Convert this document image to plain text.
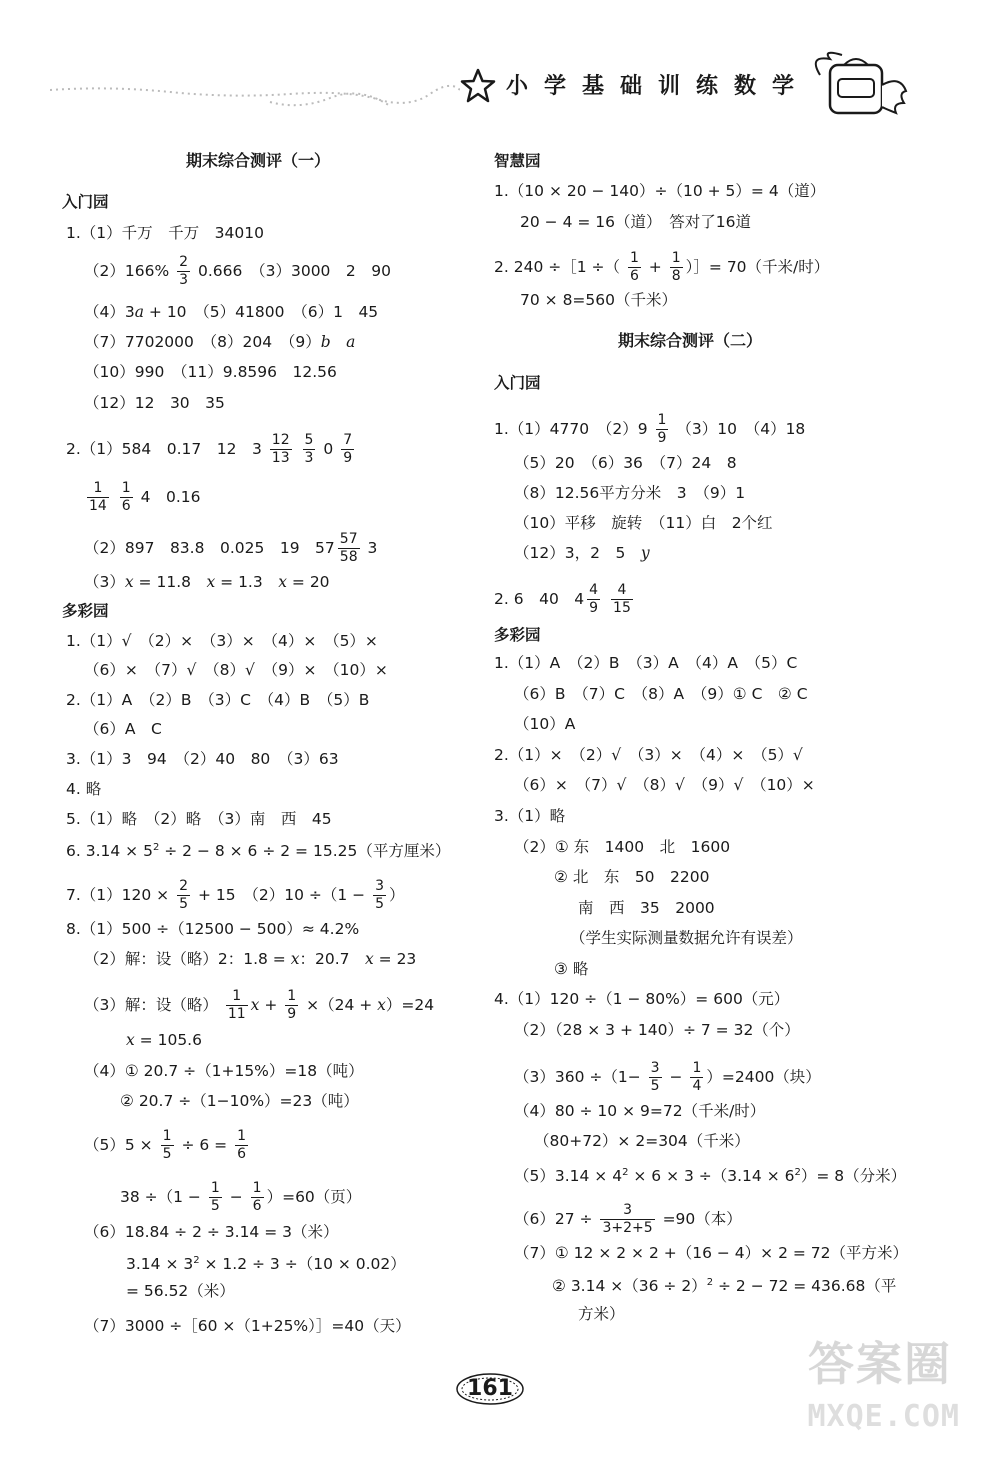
小 学 基 础 训 练 数 学
期末综合测评（一）
入门园
1.（1）千万　千万　34010
$(2)166\% \frac{2}{3} 0.666$　（3）3000　2　90
（4）3a + 10　（5）41800　（6）1　45
（7）7702000　（8）204　（9）b　 a
（10）990　（11）9.8596　12.56
（12）12　30　35
2.（1）584　0.17　12　$3 \frac{12}{13}$
$\frac{5}{3} 0 \frac{7}{9}$
$\frac{1}{14}$
$\frac{1}{6} 4$　0.16
（2）897　83.8　0.025　19　$57 \frac{57}{58} 3$
（3）x = 11.8　x = 1.3　x = 20
多彩园
1.（1）√　（2）×　（3）×　（4）×　（5）×
（6）×　（7）√　（8）√　（9）×　（10）×
2.（1）A　（2）B　（3）C　（4）B　（5）B
（6）A　C
3.（1）3　94　（2）40　80　（3）63
4. 略
5.（1）略　（2）略　（3）南　西　45
6. $3.14 \times 5^2 \div 2 - 8 \times 6 \div 2 = 15.25$（平方厘米）
$7.(1)120 \times \frac{2}{5} + 15$　$(2)10 \div(1 - \frac{3}{5}$ ）
8.（1）500 ÷（12500 − 500）≈ 4.2%
（2）解：设（略）2：1.8 = x：20.7　x = 23
（3）解：设（略） $\frac{1}{11}$ $x + \frac{1}{9} \times(24 + x)=24$
x = 105.6
（4）① 20.7 ÷（1+15%）=18（吨）
② 20.7 ÷（1−10%）=23（吨）
$(5)5 \times \frac{1}{5} \div 6 = \frac{1}{6}$
$38 \div(1 - \frac{1}{5} - \frac{1}{6} )=60$（页）
（6）18.84 ÷ 2 ÷ 3.14 = 3（米）
$3.14 \times 3^2 \times 1.2 \div 3 \div(10 \times 0.02)$
= 56.52（米）
（7）3000 ÷［60 ×（1+25%）］=40（天）
智慧园
1.（10 × 20 − 140）÷（10 + 5）= 4（道）
20 − 4 = 16（道）　答对了16道
2. 240 ÷［1 ÷（ $\frac{1}{6} + \frac{1}{8}$ ）］= 70（千米/时）
70 × 8=560（千米）
期末综合测评（二）
入门园
1.（1）4770　$(2)9 \frac{1}{9} (3)10$　（4）18
（5）20　（6）36　（7）24　8
（8）12.56平方分米　3　（9）1
（10）平移　旋转　（11）白　2个红
（12）3，2　5　y
2. 6　40　$4 \frac{4}{9}$
$\frac{4}{15}$
多彩园
1.（1）A　（2）B　（3）A　（4）A　（5）C
（6）B　（7）C　（8）A　（9）① C　② C
（10）A
2.（1）×　（2）√　（3）×　（4）×　（5）√
（6）×　（7）√　（8）√　（9）√　（10）×
3.（1）略
（2）① 东　1400　北　1600
② 北　东　50　2200
南　西　35　2000
（学生实际测量数据允许有误差）
③ 略
4.（1）120 ÷（1 − 80%）= 600（元）
（2）（28 × 3 + 140）÷ 7 = 32（个）
$(3)360 \div(1- \frac{3}{5} - \frac{1}{4} )=2400$（块）
（4）80 ÷ 10 × 9=72（千米/时）
（80+72）× 2=304（千米）
$(5)3.14 \times 4^2 \times 6 \times 3 \div(3.14 \times 6^2)= 8$（分米）
$(6)27 \div \frac{3}{3+2+5} =90$（本）
（7）① 12 × 2 × 2 +（16 − 4）× 2 = 72（平方米）
② $3.14 \times(36 \div 2)^2 \div 2 - 72 = 436.68$（平
方米）
161	答案圈
MXQE.COM
